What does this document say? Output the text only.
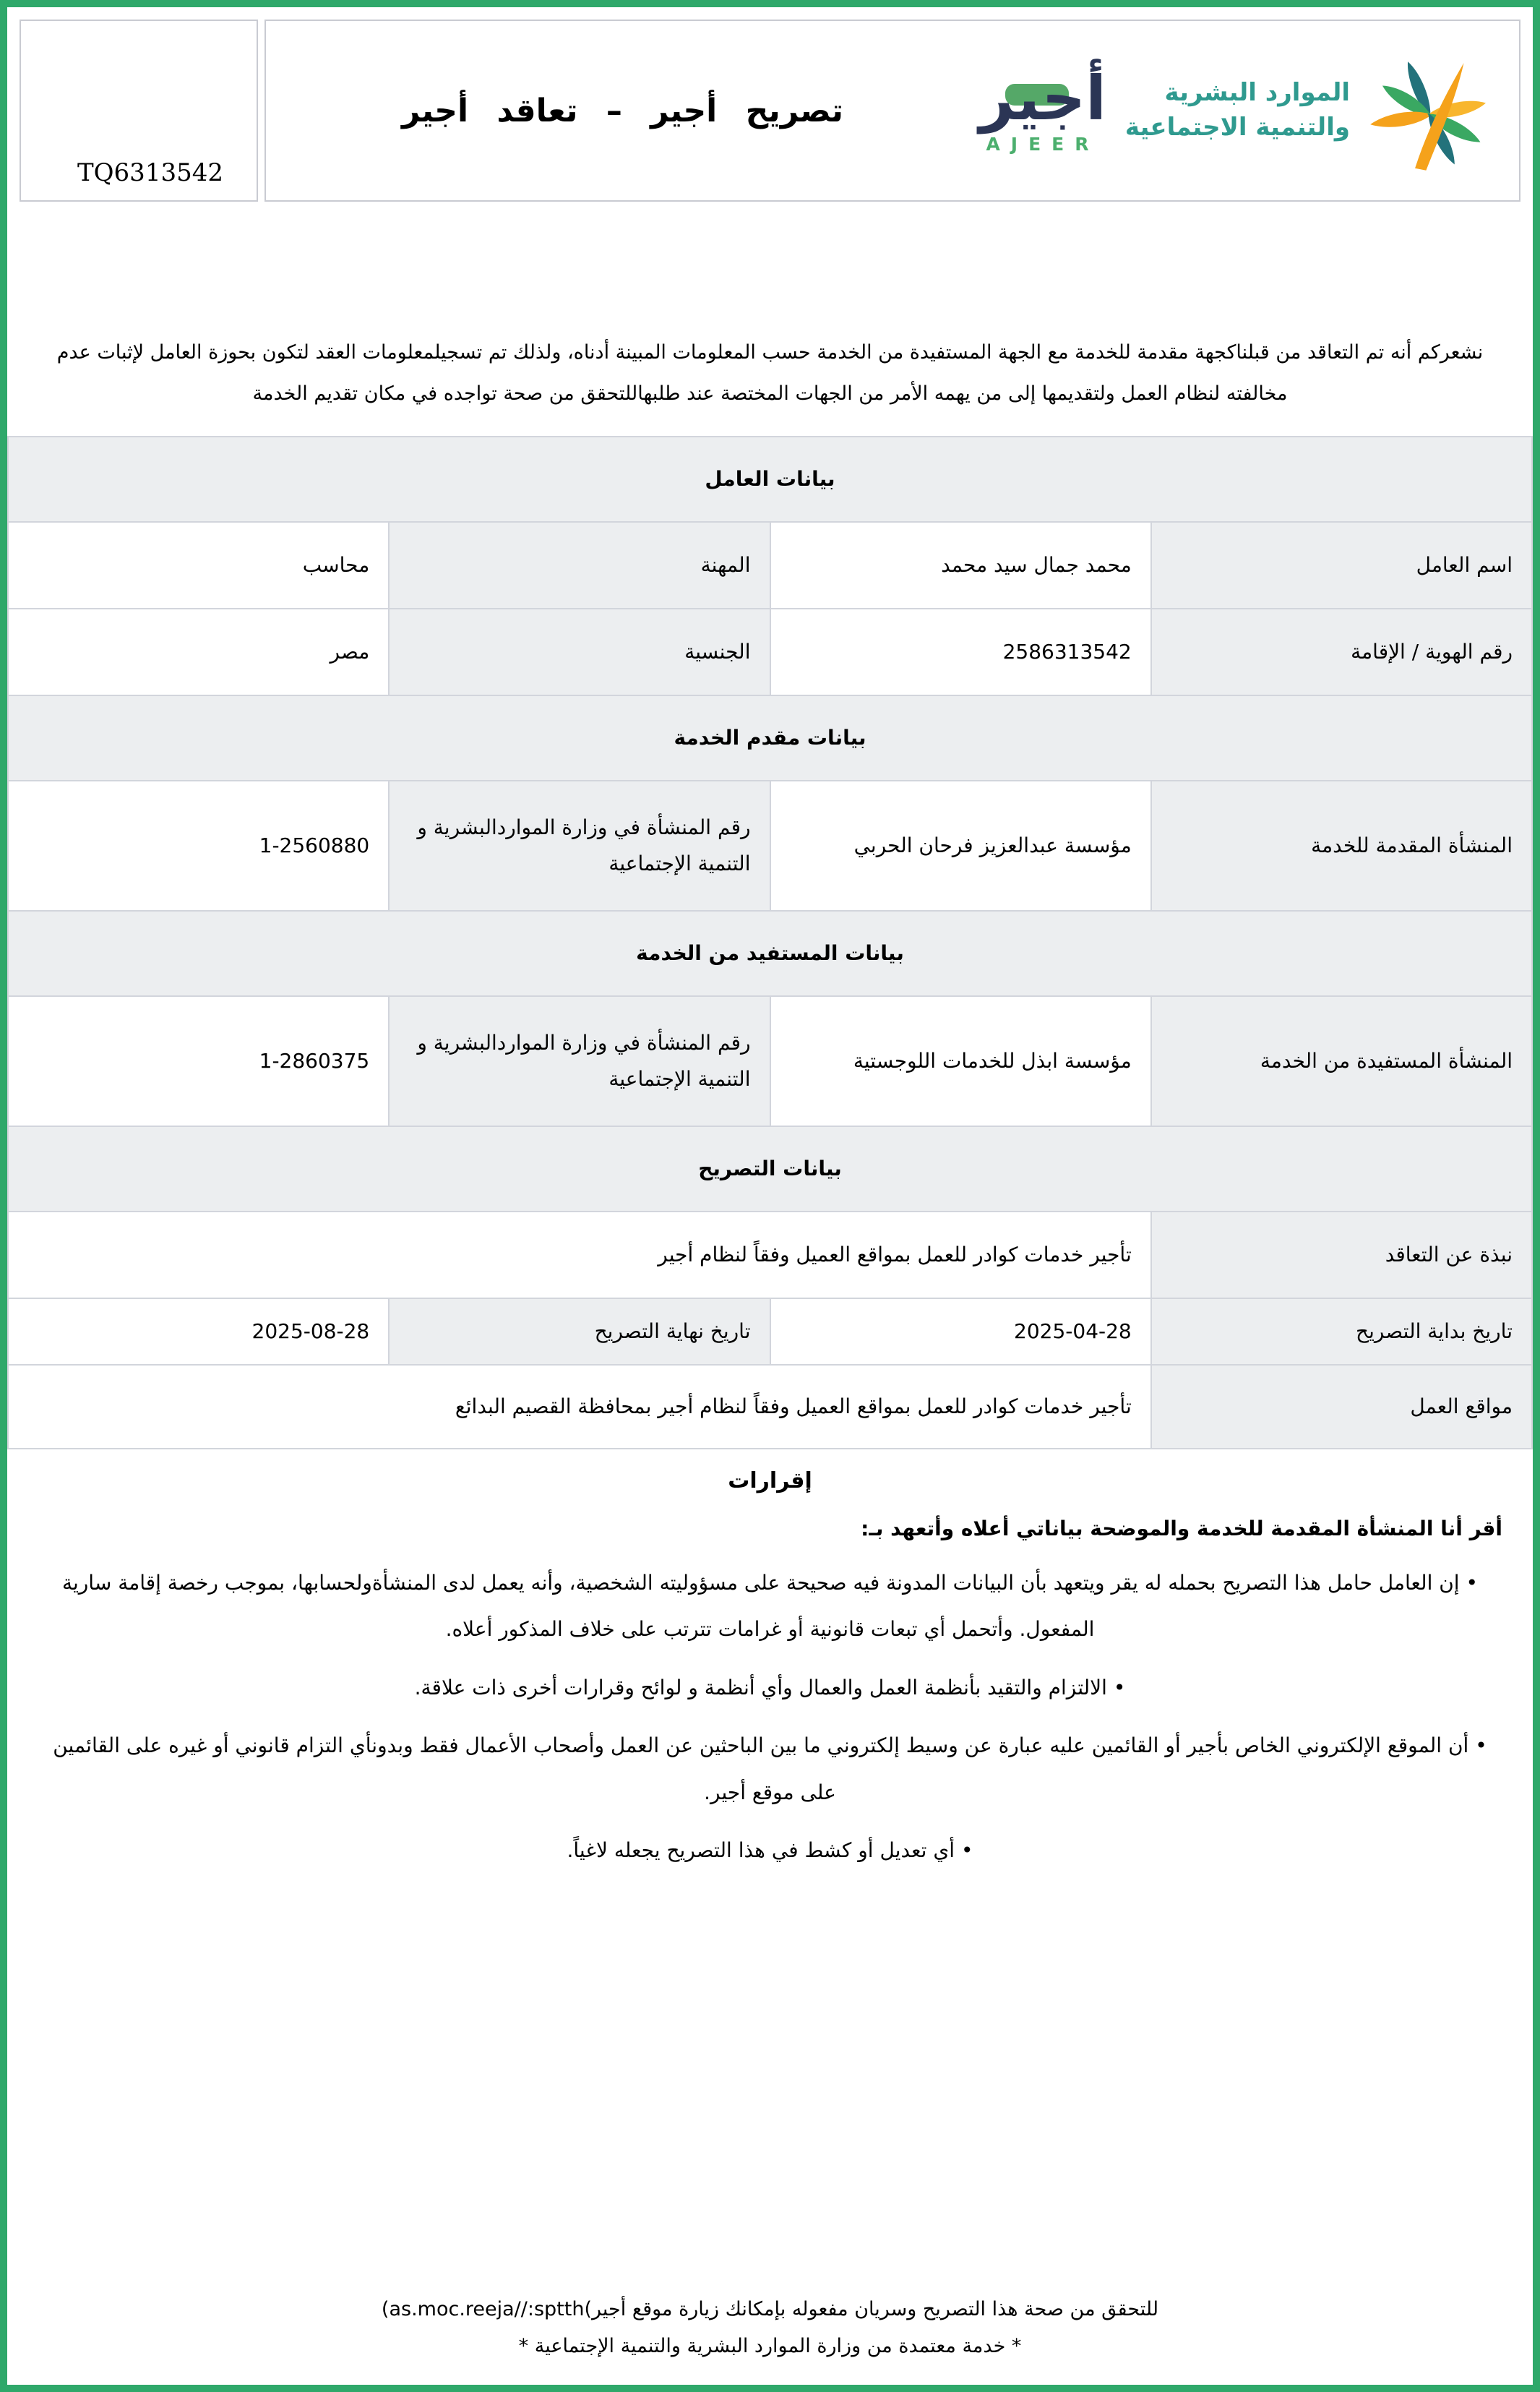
TQ6313542
تصريح أجير – تعاقد أجير	أجير
AJEER
الموارد البشرية
والتنمية الاجتماعية
نشعركم أنه تم التعاقد من قبلناكجهة مقدمة للخدمة مع الجهة المستفيدة من الخدمة حسب المعلومات المبينة أدناه، ولذلك تم تسجيلمعلومات العقد لتكون بحوزة العامل لإثبات عدم مخالفته لنظام العمل ولتقديمها إلى من يهمه الأمر من الجهات المختصة عند طلبهاللتحقق من صحة تواجده في مكان تقديم الخدمة
بيانات العامل			
اسم العامل	محمد جمال سيد محمد	المهنة	محاسب
رقم الهوية / الإقامة	2586313542	الجنسية	مصر
بيانات مقدم الخدمة			
المنشأة المقدمة للخدمة	مؤسسة عبدالعزيز فرحان الحربي	رقم المنشأة في وزارة المواردالبشرية و التنمية الإجتماعية	1-2560880
بيانات المستفيد من الخدمة			
المنشأة المستفيدة من الخدمة	مؤسسة ابذل للخدمات اللوجستية	رقم المنشأة في وزارة المواردالبشرية و التنمية الإجتماعية	1-2860375
بيانات التصريح			
نبذة عن التعاقد	تأجير خدمات كوادر للعمل بمواقع العميل وفقاً لنظام أجير		
تاريخ بداية التصريح	2025-04-28	تاريخ نهاية التصريح	2025-08-28
مواقع العمل	تأجير خدمات كوادر للعمل بمواقع العميل وفقاً لنظام أجير بمحافظة القصيم البدائع		
إقرارات
أقر أنا المنشأة المقدمة للخدمة والموضحة بياناتي أعلاه وأتعهد بـ:
• إن العامل حامل هذا التصريح بحمله له يقر ويتعهد بأن البيانات المدونة فيه صحيحة على مسؤوليته الشخصية، وأنه يعمل لدى المنشأةولحسابها، بموجب رخصة إقامة سارية المفعول. وأتحمل أي تبعات قانونية أو غرامات تترتب على خلاف المذكور أعلاه.
• الالتزام والتقيد بأنظمة العمل والعمال وأي أنظمة و لوائح وقرارات أخرى ذات علاقة.
• أن الموقع الإلكتروني الخاص بأجير أو القائمين عليه عبارة عن وسيط إلكتروني ما بين الباحثين عن العمل وأصحاب الأعمال فقط وبدونأي التزام قانوني أو غيره على القائمين على موقع أجير.
• أي تعديل أو كشط في هذا التصريح يجعله لاغياً.
للتحقق من صحة هذا التصريح وسريان مفعوله بإمكانك زيارة موقع أجير(as.moc.reeja//:sptth(
* خدمة معتمدة من وزارة الموارد البشرية والتنمية الإجتماعية *
